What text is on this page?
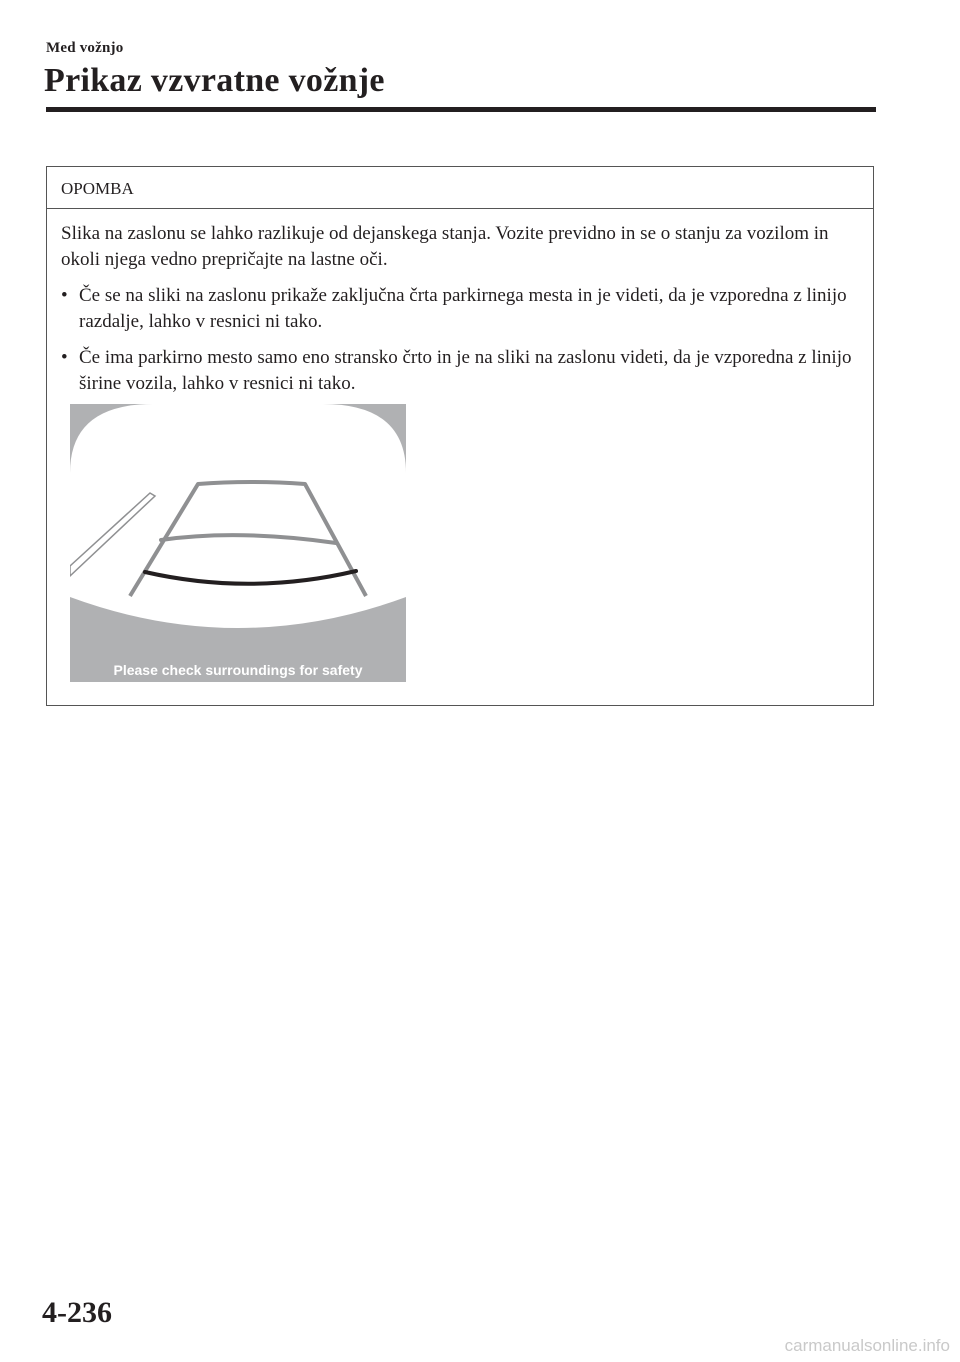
Med vožnjo
Prikaz vzvratne vožnje
OPOMBA

Slika na zaslonu se lahko razlikuje od dejanskega stanja. Vozite previdno in se o stanju za vozilom in okoli njega vedno prepričajte na lastne oči.

• Če se na sliki na zaslonu prikaže zaključna črta parkirnega mesta in je videti, da je vzporedna z linijo razdalje, lahko v resnici ni tako.
• Če ima parkirno mesto samo eno stransko črto in je na sliki na zaslonu videti, da je vzporedna z linijo širine vozila, lahko v resnici ni tako.
Please check surroundings for safety
4-236
carmanualsonline.info
